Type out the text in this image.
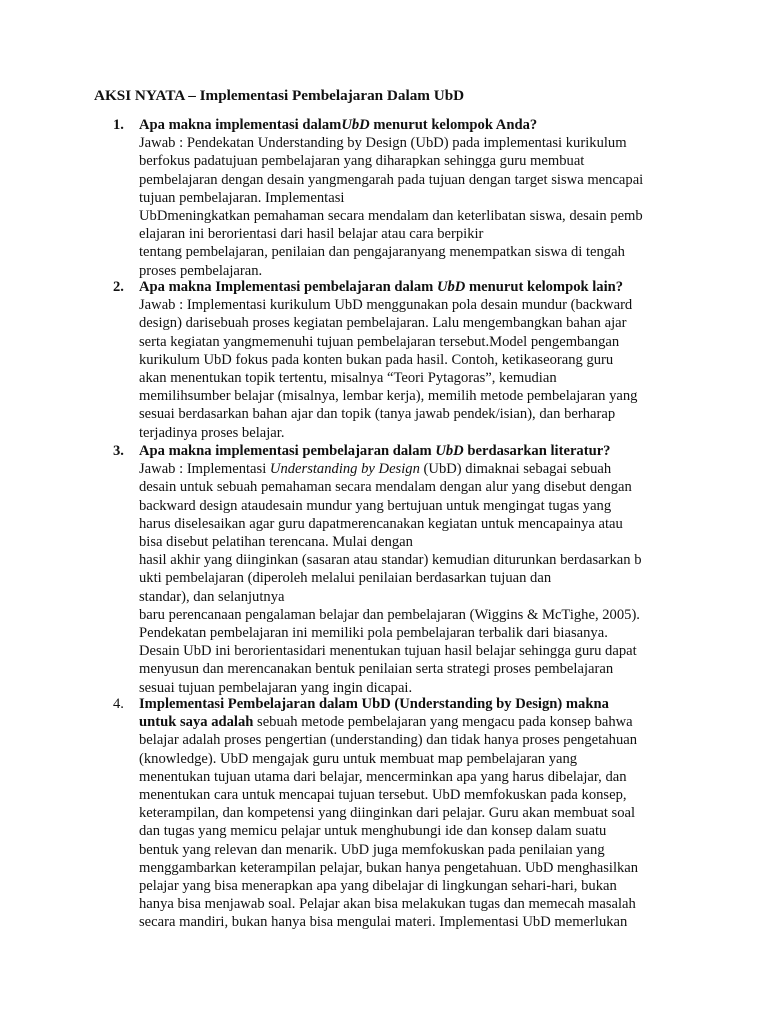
AKSI NYATA – Implementasi Pembelajaran Dalam UbD
1. Apa makna implementasi dalamUbD menurut kelompok Anda?
Jawab : Pendekatan Understanding by Design (UbD) pada implementasi kurikulum
berfokus padatujuan pembelajaran yang diharapkan sehingga guru membuat
pembelajaran dengan desain yangmengarah pada tujuan dengan target siswa mencapai
tujuan pembelajaran. Implementasi
UbDmeningkatkan pemahaman secara mendalam dan keterlibatan siswa, desain pemb
elajaran ini berorientasi dari hasil belajar atau cara berpikir
tentang pembelajaran, penilaian dan pengajaranyang menempatkan siswa di tengah
proses pembelajaran.
2. Apa makna Implementasi pembelajaran dalam UbD menurut kelompok lain?
Jawab : Implementasi kurikulum UbD menggunakan pola desain mundur (backward
design) darisebuah proses kegiatan pembelajaran. Lalu mengembangkan bahan ajar
serta kegiatan yangmemenuhi tujuan pembelajaran tersebut.Model pengembangan
kurikulum UbD fokus pada konten bukan pada hasil. Contoh, ketikaseorang guru
akan menentukan topik tertentu, misalnya “Teori Pytagoras”, kemudian
memilihsumber belajar (misalnya, lembar kerja), memilih metode pembelajaran yang
sesuai berdasarkan bahan ajar dan topik (tanya jawab pendek/isian), dan berharap
terjadinya proses belajar.
3. Apa makna implementasi pembelajaran dalam UbD berdasarkan literatur?
Jawab : Implementasi Understanding by Design (UbD) dimaknai sebagai sebuah
desain untuk sebuah pemahaman secara mendalam dengan alur yang disebut dengan
backward design ataudesain mundur yang bertujuan untuk mengingat tugas yang
harus diselesaikan agar guru dapatmerencanakan kegiatan untuk mencapainya atau
bisa disebut pelatihan terencana. Mulai dengan
hasil akhir yang diinginkan (sasaran atau standar) kemudian diturunkan berdasarkan b
ukti pembelajaran (diperoleh melalui penilaian berdasarkan tujuan dan
standar), dan selanjutnya
baru perencanaan pengalaman belajar dan pembelajaran (Wiggins & McTighe, 2005).
Pendekatan pembelajaran ini memiliki pola pembelajaran terbalik dari biasanya.
Desain UbD ini berorientasidari menentukan tujuan hasil belajar sehingga guru dapat
menyusun dan merencanakan bentuk penilaian serta strategi proses pembelajaran
sesuai tujuan pembelajaran yang ingin dicapai.
4. Implementasi Pembelajaran dalam UbD (Understanding by Design) makna
untuk saya adalah sebuah metode pembelajaran yang mengacu pada konsep bahwa
belajar adalah proses pengertian (understanding) dan tidak hanya proses pengetahuan
(knowledge). UbD mengajak guru untuk membuat map pembelajaran yang
menentukan tujuan utama dari belajar, mencerminkan apa yang harus dibelajar, dan
menentukan cara untuk mencapai tujuan tersebut. UbD memfokuskan pada konsep,
keterampilan, dan kompetensi yang diinginkan dari pelajar. Guru akan membuat soal
dan tugas yang memicu pelajar untuk menghubungi ide dan konsep dalam suatu
bentuk yang relevan dan menarik. UbD juga memfokuskan pada penilaian yang
menggambarkan keterampilan pelajar, bukan hanya pengetahuan. UbD menghasilkan
pelajar yang bisa menerapkan apa yang dibelajar di lingkungan sehari-hari, bukan
hanya bisa menjawab soal. Pelajar akan bisa melakukan tugas dan memecah masalah
secara mandiri, bukan hanya bisa mengulai materi. Implementasi UbD memerlukan
